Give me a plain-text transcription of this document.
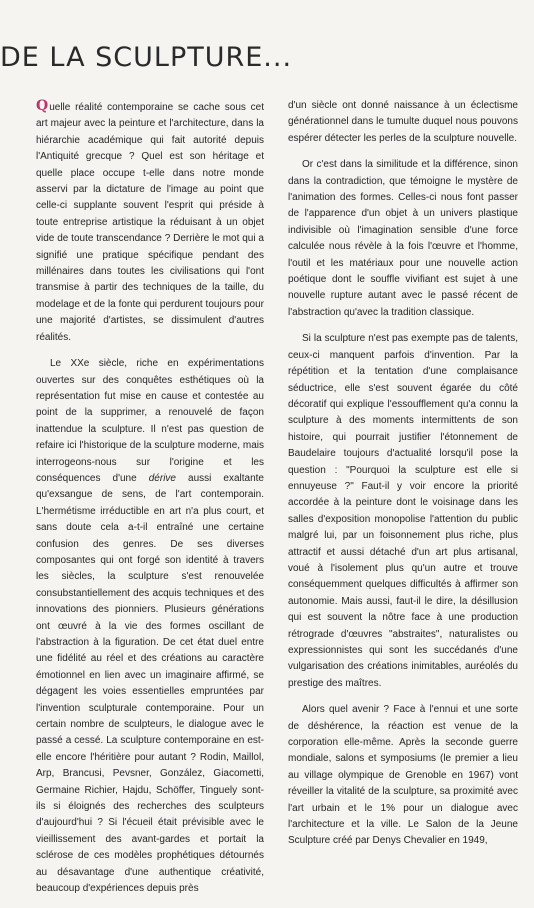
DE LA SCULPTURE...

Quelle réalité contemporaine se cache sous cet art majeur avec la peinture et l'architecture, dans la hiérarchie académique qui fait autorité depuis l'Antiquité grecque ? Quel est son héritage et quelle place occupe t-elle dans notre monde asservi par la dictature de l'image au point que celle-ci supplante souvent l'esprit qui préside à toute entreprise artistique la réduisant à un objet vide de toute transcendance ? Derrière le mot qui a signifié une pratique spécifique pendant des millénaires dans toutes les civilisations qui l'ont transmise à partir des techniques de la taille, du modelage et de la fonte qui perdurent toujours pour une majorité d'artistes, se dissimulent d'autres réalités.

Le XXe siècle, riche en expérimentations ouvertes sur des conquêtes esthétiques où la représentation fut mise en cause et contestée au point de la supprimer, a renouvelé de façon inattendue la sculpture. Il n'est pas question de refaire ici l'historique de la sculpture moderne, mais interrogeons-nous sur l'origine et les conséquences d'une dérive aussi exaltante qu'exsangue de sens, de l'art contemporain. L'hermétisme irréductible en art n'a plus court, et sans doute cela a-t-il entraîné une certaine confusion des genres. De ses diverses composantes qui ont forgé son identité à travers les siècles, la sculpture s'est renouvelée consubstantiellement des acquis techniques et des innovations des pionniers. Plusieurs générations ont œuvré à la vie des formes oscillant de l'abstraction à la figuration. De cet état duel entre une fidélité au réel et des créations au caractère émotionnel en lien avec un imaginaire affirmé, se dégagent les voies essentielles empruntées par l'invention sculpturale contemporaine. Pour un certain nombre de sculpteurs, le dialogue avec le passé a cessé. La sculpture contemporaine en est-elle encore l'héritière pour autant ? Rodin, Maillol, Arp, Brancusi, Pevsner, González, Giacometti, Germaine Richier, Hajdu, Schöffer, Tinguely sont-ils si éloignés des recherches des sculpteurs d'aujourd'hui ? Si l'écueil était prévisible avec le vieillissement des avant-gardes et portait la sclérose de ces modèles prophétiques détournés au désavantage d'une authentique créativité, beaucoup d'expériences depuis près

d'un siècle ont donné naissance à un éclectisme générationnel dans le tumulte duquel nous pouvons espérer détecter les perles de la sculpture nouvelle.

Or c'est dans la similitude et la différence, sinon dans la contradiction, que témoigne le mystère de l'animation des formes. Celles-ci nous font passer de l'apparence d'un objet à un univers plastique indivisible où l'imagination sensible d'une force calculée nous révèle à la fois l'œuvre et l'homme, l'outil et les matériaux pour une nouvelle action poétique dont le souffle vivifiant est sujet à une nouvelle rupture autant avec le passé récent de l'abstraction qu'avec la tradition classique.

Si la sculpture n'est pas exempte pas de talents, ceux-ci manquent parfois d'invention. Par la répétition et la tentation d'une complaisance séductrice, elle s'est souvent égarée du côté décoratif qui explique l'essoufflement qu'a connu la sculpture à des moments intermittents de son histoire, qui pourrait justifier l'étonnement de Baudelaire toujours d'actualité lorsqu'il pose la question : "Pourquoi la sculpture est elle si ennuyeuse ?" Faut-il y voir encore la priorité accordée à la peinture dont le voisinage dans les salles d'exposition monopolise l'attention du public malgré lui, par un foisonnement plus riche, plus attractif et aussi détaché d'un art plus artisanal, voué à l'isolement plus qu'un autre et trouve conséquemment quelques difficultés à affirmer son autonomie. Mais aussi, faut-il le dire, la désillusion qui est souvent la nôtre face à une production rétrograde d'œuvres "abstraites", naturalistes ou expressionnistes qui sont les succédanés d'une vulgarisation des créations inimitables, auréolés du prestige des maîtres.

Alors quel avenir ? Face à l'ennui et une sorte de déshérence, la réaction est venue de la corporation elle-même. Après la seconde guerre mondiale, salons et symposiums (le premier a lieu au village olympique de Grenoble en 1967) vont réveiller la vitalité de la sculpture, sa proximité avec l'art urbain et le 1% pour un dialogue avec l'architecture et la ville. Le Salon de la Jeune Sculpture créé par Denys Chevalier en 1949,
